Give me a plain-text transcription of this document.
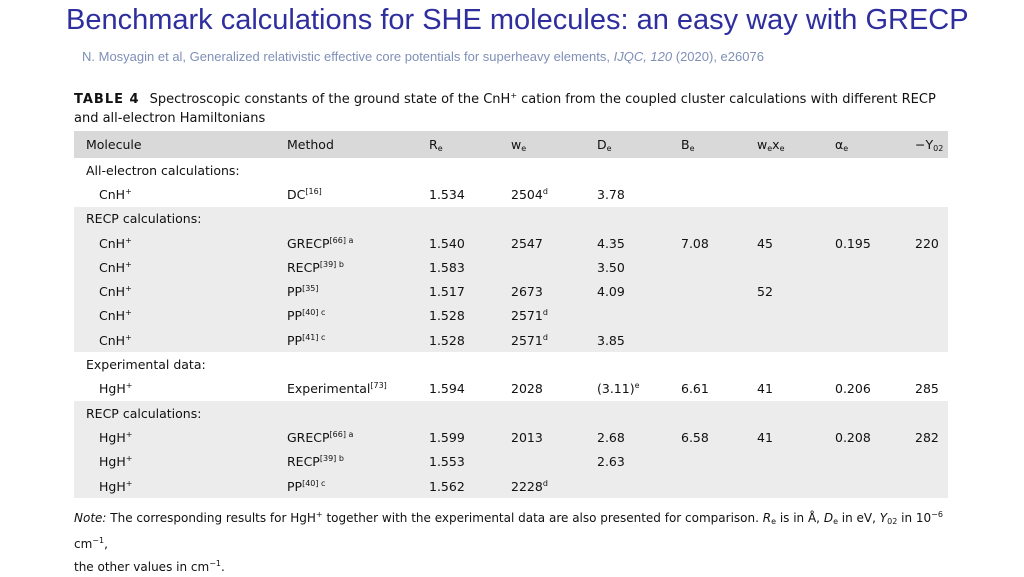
Benchmark calculations for SHE molecules: an easy way with GRECP
N. Mosyagin et al, Generalized relativistic effective core potentials for superheavy elements, IJQC, 120 (2020), e26076
TABLE 4 Spectroscopic constants of the ground state of the CnH+ cation from the coupled cluster calculations with different RECP and all-electron Hamiltonians
Molecule	Method	$R_e$	$w_e$	$D_e$	$B_e$	$w_ex_e$	$\alpha_e$	$-Y_{02}$
All-electron calculations:								
CnH+	DC[16]	1.534	2504$^d$	3.78				
RECP calculations:								
CnH+	$GRECP^{[66] a}$	1.540	2547	4.35	7.08	45	0.195	220
CnH+	$RECP^{[39] b}$	1.583		3.50				
CnH+	PP[35]	1.517	2673	4.09		52		
CnH+	$PP^{[40] c}$	1.528	2571$^d$					
CnH+	$PP^{[41] c}$	1.528	2571$^d$	3.85				
Experimental data:								
HgH+	Experimental[73]	1.594	2028	$(3.11)^e$	6.61	41	0.206	285
RECP calculations:								
HgH+	$GRECP^{[66] a}$	1.599	2013	2.68	6.58	41	0.208	282
HgH+	$RECP^{[39] b}$	1.553		2.63				
HgH+	$PP^{[40] c}$	1.562	2228$^d$					
Note: The corresponding results for HgH+ together with the experimental data are also presented for comparison. $R_e$ is in Å, $D_e$ in eV, $Y_{02}$ in $10^{-6}$ $cm^{-1}$,
the other values in $cm^{-1}$.
